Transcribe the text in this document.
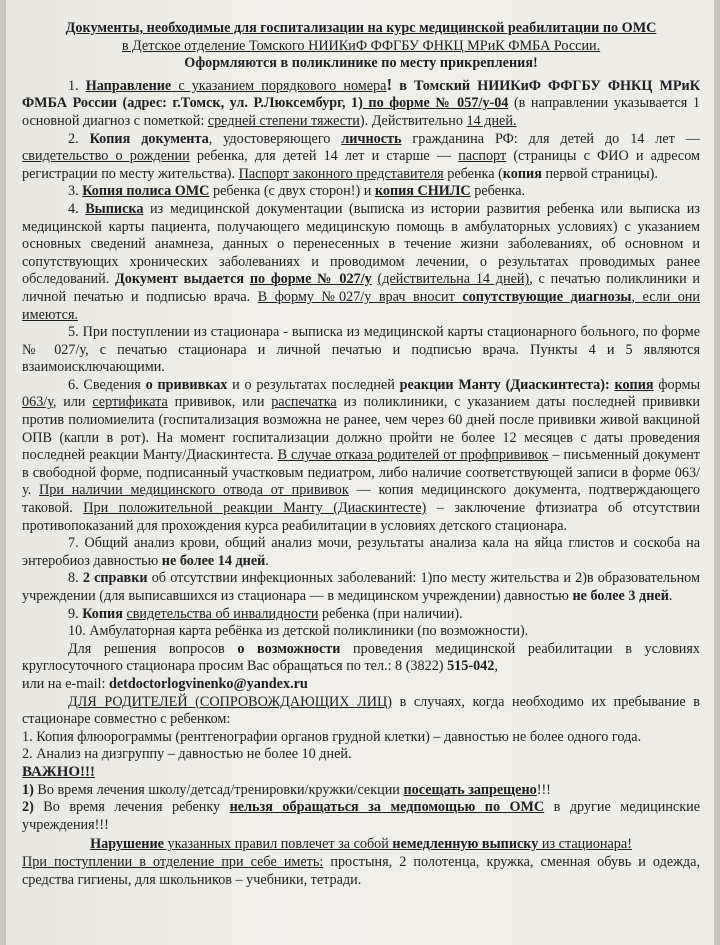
Документы, необходимые для госпитализации на курс медицинской реабилитации по ОМС

в Детское отделение Томского НИИКиФ ФФГБУ ФНКЦ МРиК ФМБА России.

Оформляются в поликлинике по месту прикрепления!

1. Направление с указанием порядкового номера! в Томский НИИКиФ ФФГБУ ФНКЦ МРиК ФМБА России (адрес: г.Томск, ул. Р.Люксембург, 1) по форме № 057/у-04 (в направлении указывается 1 основной диагноз с пометкой: средней степени тяжести). Действительно 14 дней.

2. Копия документа, удостоверяющего личность гражданина РФ: для детей до 14 лет — свидетельство о рождении ребенка, для детей 14 лет и старше — паспорт (страницы с ФИО и адресом регистрации по месту жительства). Паспорт законного представителя ребенка (копия первой страницы).

3. Копия полиса ОМС ребенка (с двух сторон!) и копия СНИЛС ребенка.

4. Выписка из медицинской документации (выписка из истории развития ребенка или выписка из медицинской карты пациента, получающего медицинскую помощь в амбулаторных условиях) с указанием основных сведений анамнеза, данных о перенесенных в течение жизни заболеваниях, об основном и сопутствующих хронических заболеваниях и проводимом лечении, о результатах проводимых ранее обследований. Документ выдается по форме № 027/у (действительна 14 дней), с печатью поликлиники и личной печатью и подписью врача. В форму №027/у врач вносит сопутствующие диагнозы, если они имеются.

5. При поступлении из стационара - выписка из медицинской карты стационарного больного, по форме № 027/у, с печатью стационара и личной печатью и подписью врача. Пункты 4 и 5 являются взаимоисключающими.

6. Сведения о прививках и о результатах последней реакции Манту (Диаскинтеста): копия формы 063/у, или сертификата прививок, или распечатка из поликлиники, с указанием даты последней прививки против полиомиелита (госпитализация возможна не ранее, чем через 60 дней после прививки живой вакциной ОПВ (капли в рот). На момент госпитализации должно пройти не более 12 месяцев с даты проведения последней реакции Манту/Диаскинтеста. В случае отказа родителей от профпрививок – письменный документ в свободной форме, подписанный участковым педиатром, либо наличие соответствующей записи в форме 063/у. При наличии медицинского отвода от прививок — копия медицинского документа, подтверждающего таковой. При положительной реакции Манту (Диаскинтесте) – заключение фтизиатра об отсутствии противопоказаний для прохождения курса реабилитации в условиях детского стационара.

7. Общий анализ крови, общий анализ мочи, результаты анализа кала на яйца глистов и соскоба на энтеробиоз давностью не более 14 дней.

8. 2 справки об отсутствии инфекционных заболеваний: 1)по месту жительства и 2)в образовательном учреждении (для выписавшихся из стационара — в медицинском учреждении) давностью не более 3 дней.

9. Копия свидетельства об инвалидности ребенка (при наличии).

10. Амбулаторная карта ребёнка из детской поликлиники (по возможности).

Для решения вопросов о возможности проведения медицинской реабилитации в условиях круглосуточного стационара просим Вас обращаться по тел.: 8 (3822) 515-042,

или на e-mail: detdoctorlogvinenko@yandex.ru

ДЛЯ РОДИТЕЛЕЙ (СОПРОВОЖДАЮЩИХ ЛИЦ) в случаях, когда необходимо их пребывание в стационаре совместно с ребенком:

1. Копия флюорограммы (рентгенографии органов грудной клетки) – давностью не более одного года.

2. Анализ на дизгруппу – давностью не более 10 дней.

ВАЖНО!!!

1) Во время лечения школу/детсад/тренировки/кружки/секции посещать запрещено!!!

2) Во время лечения ребенку нельзя обращаться за медпомощью по ОМС в другие медицинские учреждения!!!

Нарушение указанных правил повлечет за собой немедленную выписку из стационара!

При поступлении в отделение при себе иметь: простыня, 2 полотенца, кружка, сменная обувь и одежда, средства гигиены, для школьников – учебники, тетради.
